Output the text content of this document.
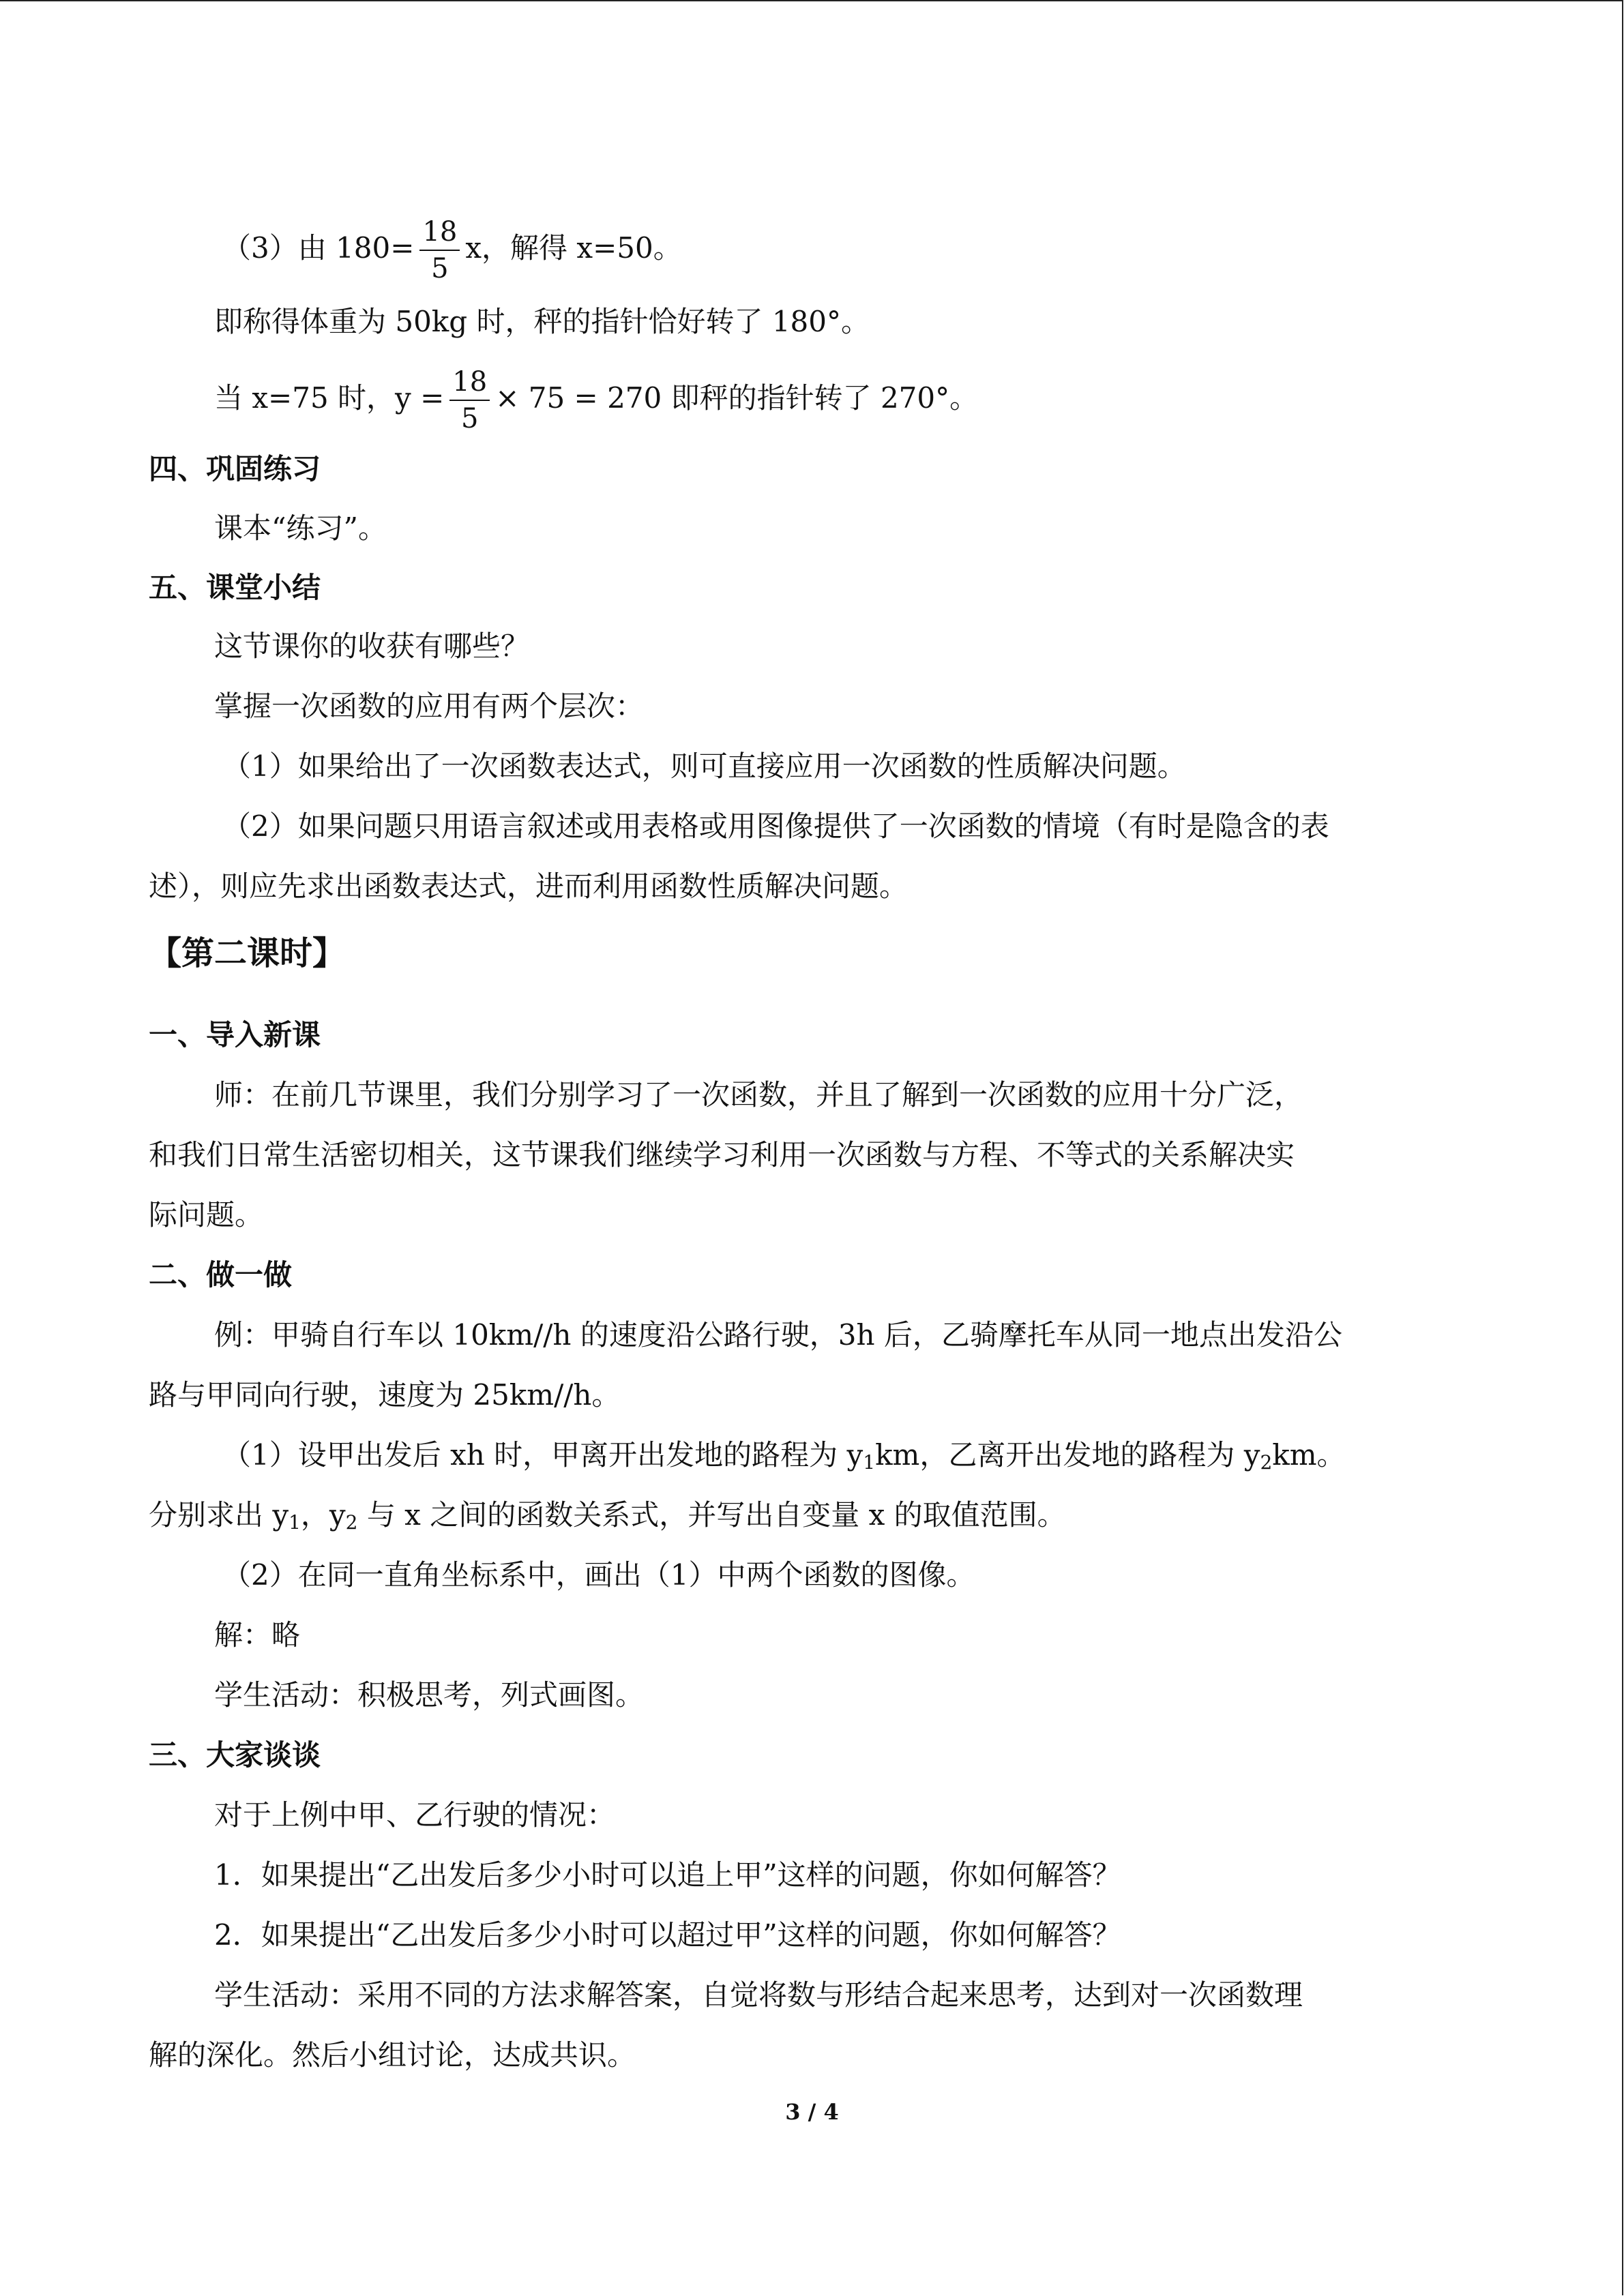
（3）由 $180= \frac{18}{5}$ x，解得 x=50。
即称得体重为 50kg 时，秤的指针恰好转了 180°。
当 x=75 时，$y = \frac{18}{5} \times 75 = 270$ 即秤的指针转了 270°。
四、巩固练习
课本“练习”。
五、课堂小结
这节课你的收获有哪些？
掌握一次函数的应用有两个层次：
（1）如果给出了一次函数表达式，则可直接应用一次函数的性质解决问题。
（2）如果问题只用语言叙述或用表格或用图像提供了一次函数的情境（有时是隐含的表
述），则应先求出函数表达式，进而利用函数性质解决问题。
【第二课时】
一、导入新课
师：在前几节课里，我们分别学习了一次函数，并且了解到一次函数的应用十分广泛，
和我们日常生活密切相关，这节课我们继续学习利用一次函数与方程、不等式的关系解决实
际问题。
二、做一做
例：甲骑自行车以 10km//h 的速度沿公路行驶，3h 后，乙骑摩托车从同一地点出发沿公
路与甲同向行驶，速度为 25km//h。
（1）设甲出发后 xh 时，甲离开出发地的路程为 $y_1km$，乙离开出发地的路程为 $y_2km$。
分别求出 $y_1$，$y_2$ 与 x 之间的函数关系式，并写出自变量 x 的取值范围。
（2）在同一直角坐标系中，画出（1）中两个函数的图像。
解：略
学生活动：积极思考，列式画图。
三、大家谈谈
对于上例中甲、乙行驶的情况：
1．如果提出“乙出发后多少小时可以追上甲”这样的问题，你如何解答？
2．如果提出“乙出发后多少小时可以超过甲”这样的问题，你如何解答？
学生活动：采用不同的方法求解答案，自觉将数与形结合起来思考，达到对一次函数理
解的深化。然后小组讨论，达成共识。
3 / 4
